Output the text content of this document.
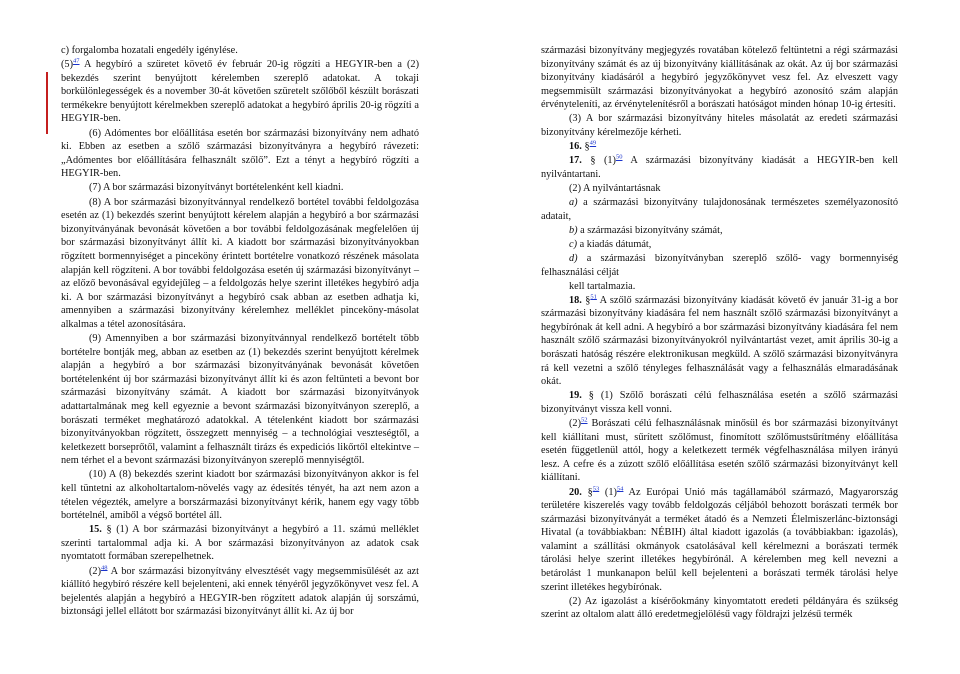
c) forgalomba hozatali engedély igénylése.
(5)$^{47}$ A hegybíró a szüretet követő év február 20-ig rögzíti a HEGYIR-ben a (2) bekezdés szerint benyújtott kérelemben szereplő adatokat. A tokaji borkülönlegességek és a november 30-át követően szüretelt szőlőből készült borászati termékekre benyújtott kérelmekben szereplő adatokat a hegybíró április 20-ig rögzíti a HEGYIR-ben.
(6) Adómentes bor előállítása esetén bor származási bizonyítvány nem adható ki. Ebben az esetben a szőlő származási bizonyítványra a hegybíró rávezeti: „Adómentes bor előállítására felhasznált szőlő”. Ezt a tényt a hegybíró rögzíti a HEGYIR-ben.
(7) A bor származási bizonyítványt bortételenként kell kiadni.
(8) A bor származási bizonyítvánnyal rendelkező bortétel további feldolgozása esetén az (1) bekezdés szerint benyújtott kérelem alapján a hegybíró a bor származási bizonyítványának bevonását követően a bor további feldolgozásának megfelelően új bor származási bizonyítványt állít ki. A kiadott bor származási bizonyítványokban rögzített bormennyiséget a pinceköny érintett bortételre vonatkozó részének másolata alapján kell rögzíteni. A bor további feldolgozása esetén új származási bizonyítványt – az előző bevonásával egyidejűleg – a feldolgozás helye szerint illetékes hegybíró adja ki. A bor származási bizonyítványt a hegybíró csak abban az esetben adhatja ki, amennyiben a származási bizonyítvány kérelemhez melléklet pinceköny-másolat alkalmas a tétel azonosítására.
(9) Amennyiben a bor származási bizonyítvánnyal rendelkező bortételt több bortételre bontják meg, abban az esetben az (1) bekezdés szerint benyújtott kérelmek alapján a hegybíró a bor származási bizonyítványának bevonását követően bortételenként új bor származási bizonyítványt állít ki és azon feltünteti a bevont bor származási bizonyítvány számát. A kiadott bor származási bizonyítványok adattartalmának meg kell egyeznie a bevont származási bizonyítványon szereplő, a borászati terméket meghatározó adatokkal. A tételenként kiadott bor származási bizonyítványokban rögzített, összegzett mennyiség – a technológiai veszteségtől, a keletkezett borseprőtől, valamint a felhasznált tirázs és expediciós likőrtől eltekintve – nem térhet el a bevont származási bizonyítványon szereplő mennyiségtől.
(10) A (8) bekezdés szerint kiadott bor származási bizonyítványon akkor is fel kell tüntetni az alkoholtartalom-növelés vagy az édesítés tényét, ha azt nem azon a tételen végezték, amelyre a borszármazási bizonyítványt kérik, hanem egy vagy több bortételnél, amiből a végső bortétel áll.
15. § (1) A bor származási bizonyítványt a hegybíró a 11. számú melléklet szerinti tartalommal adja ki. A bor származási bizonyítványon az adatok csak nyomtatott formában szerepelhetnek.
(2)$^{48}$ A bor származási bizonyítvány elvesztését vagy megsemmisülését az azt kiállító hegybíró részére kell bejelenteni, aki ennek tényéről jegyzőkönyvet vesz fel. A bejelentés alapján a hegybíró a HEGYIR-ben rögzített adatok alapján új sorszámú, biztonsági jellel ellátott bor származási bizonyítványt állít ki. Az új bor
származási bizonyítvány megjegyzés rovatában kötelező feltüntetni a régi származási bizonyítvány számát és az új bizonyítvány kiállításának az okát. Az új bor származási bizonyítvány kiadásáról a hegybíró jegyzőkönyvet vesz fel. Az elveszett vagy megsemmisült származási bizonyítványokat a hegybíró azonosító szám alapján érvényteleníti, az érvénytelenítésről a borászati hatóságot minden hónap 10-ig értesíti.
(3) A bor származási bizonyítvány hiteles másolatát az eredeti származási bizonyítvány kérelmezője kérheti.
16. §$^{49}$
17. § (1)$^{50}$ A származási bizonyítvány kiadását a HEGYIR-ben kell nyilvántartani.
(2) A nyilvántartásnak
a) a származási bizonyítvány tulajdonosának természetes személyazonosító adatait,
b) a származási bizonyítvány számát,
c) a kiadás dátumát,
d) a származási bizonyítványban szereplő szőlő- vagy bormennyiség felhasználási célját
kell tartalmazia.
18. §$^{51}$ A szőlő származási bizonyítvány kiadását követő év január 31-ig a bor származási bizonyítvány kiadására fel nem használt szőlő származási bizonyítványt a hegybírónak át kell adni. A hegybíró a bor származási bizonyítvány kiadására fel nem használt szőlő származási bizonyítványokról nyilvántartást vezet, amit április 30-ig a borászati hatóság részére elektronikusan megküld. A szőlő származási bizonyítványra rá kell vezetni a szőlő tényleges felhasználását vagy a felhasználás elmaradásának okát.
19. § (1) Szőlő borászati célú felhasználása esetén a szőlő származási bizonyítványt vissza kell vonni.
(2)$^{52}$ Borászati célú felhasználásnak minősül és bor származási bizonyítványt kell kiállítani must, sűrített szőlőmust, finomított szőlőmustsűrítmény előállítása esetén függetlenül attól, hogy a keletkezett termék végfelhasználása milyen irányú lesz. A cefre és a zúzott szőlő előállítása esetén szőlő származási bizonyítványt kell kiállítani.
20. §$^{53}$ (1)$^{54}$ Az Európai Unió más tagállamából származó, Magyarország területére kiszerelés vagy tovább feldolgozás céljából behozott borászati termék bor származási bizonyítványát a terméket átadó és a Nemzeti Élelmiszerlánc-biztonsági Hivatal (a továbbiakban: NÉBIH) által kiadott igazolás (a továbbiakban: igazolás), valamint a szállítási okmányok csatolásával kell kérelmezni a borászati termék tárolási helye szerint illetékes hegybírónál. A kérelemben meg kell nevezni a betárolást 1 munkanapon belül kell bejelenteni a borászati termék tárolási helye szerint illetékes hegybírónak.
(2) Az igazolást a kísérőokmány kinyomtatott eredeti példányára és szükség szerint az oltalom alatt álló eredetmegjelölésű vagy földrajzi jelzésű termék
